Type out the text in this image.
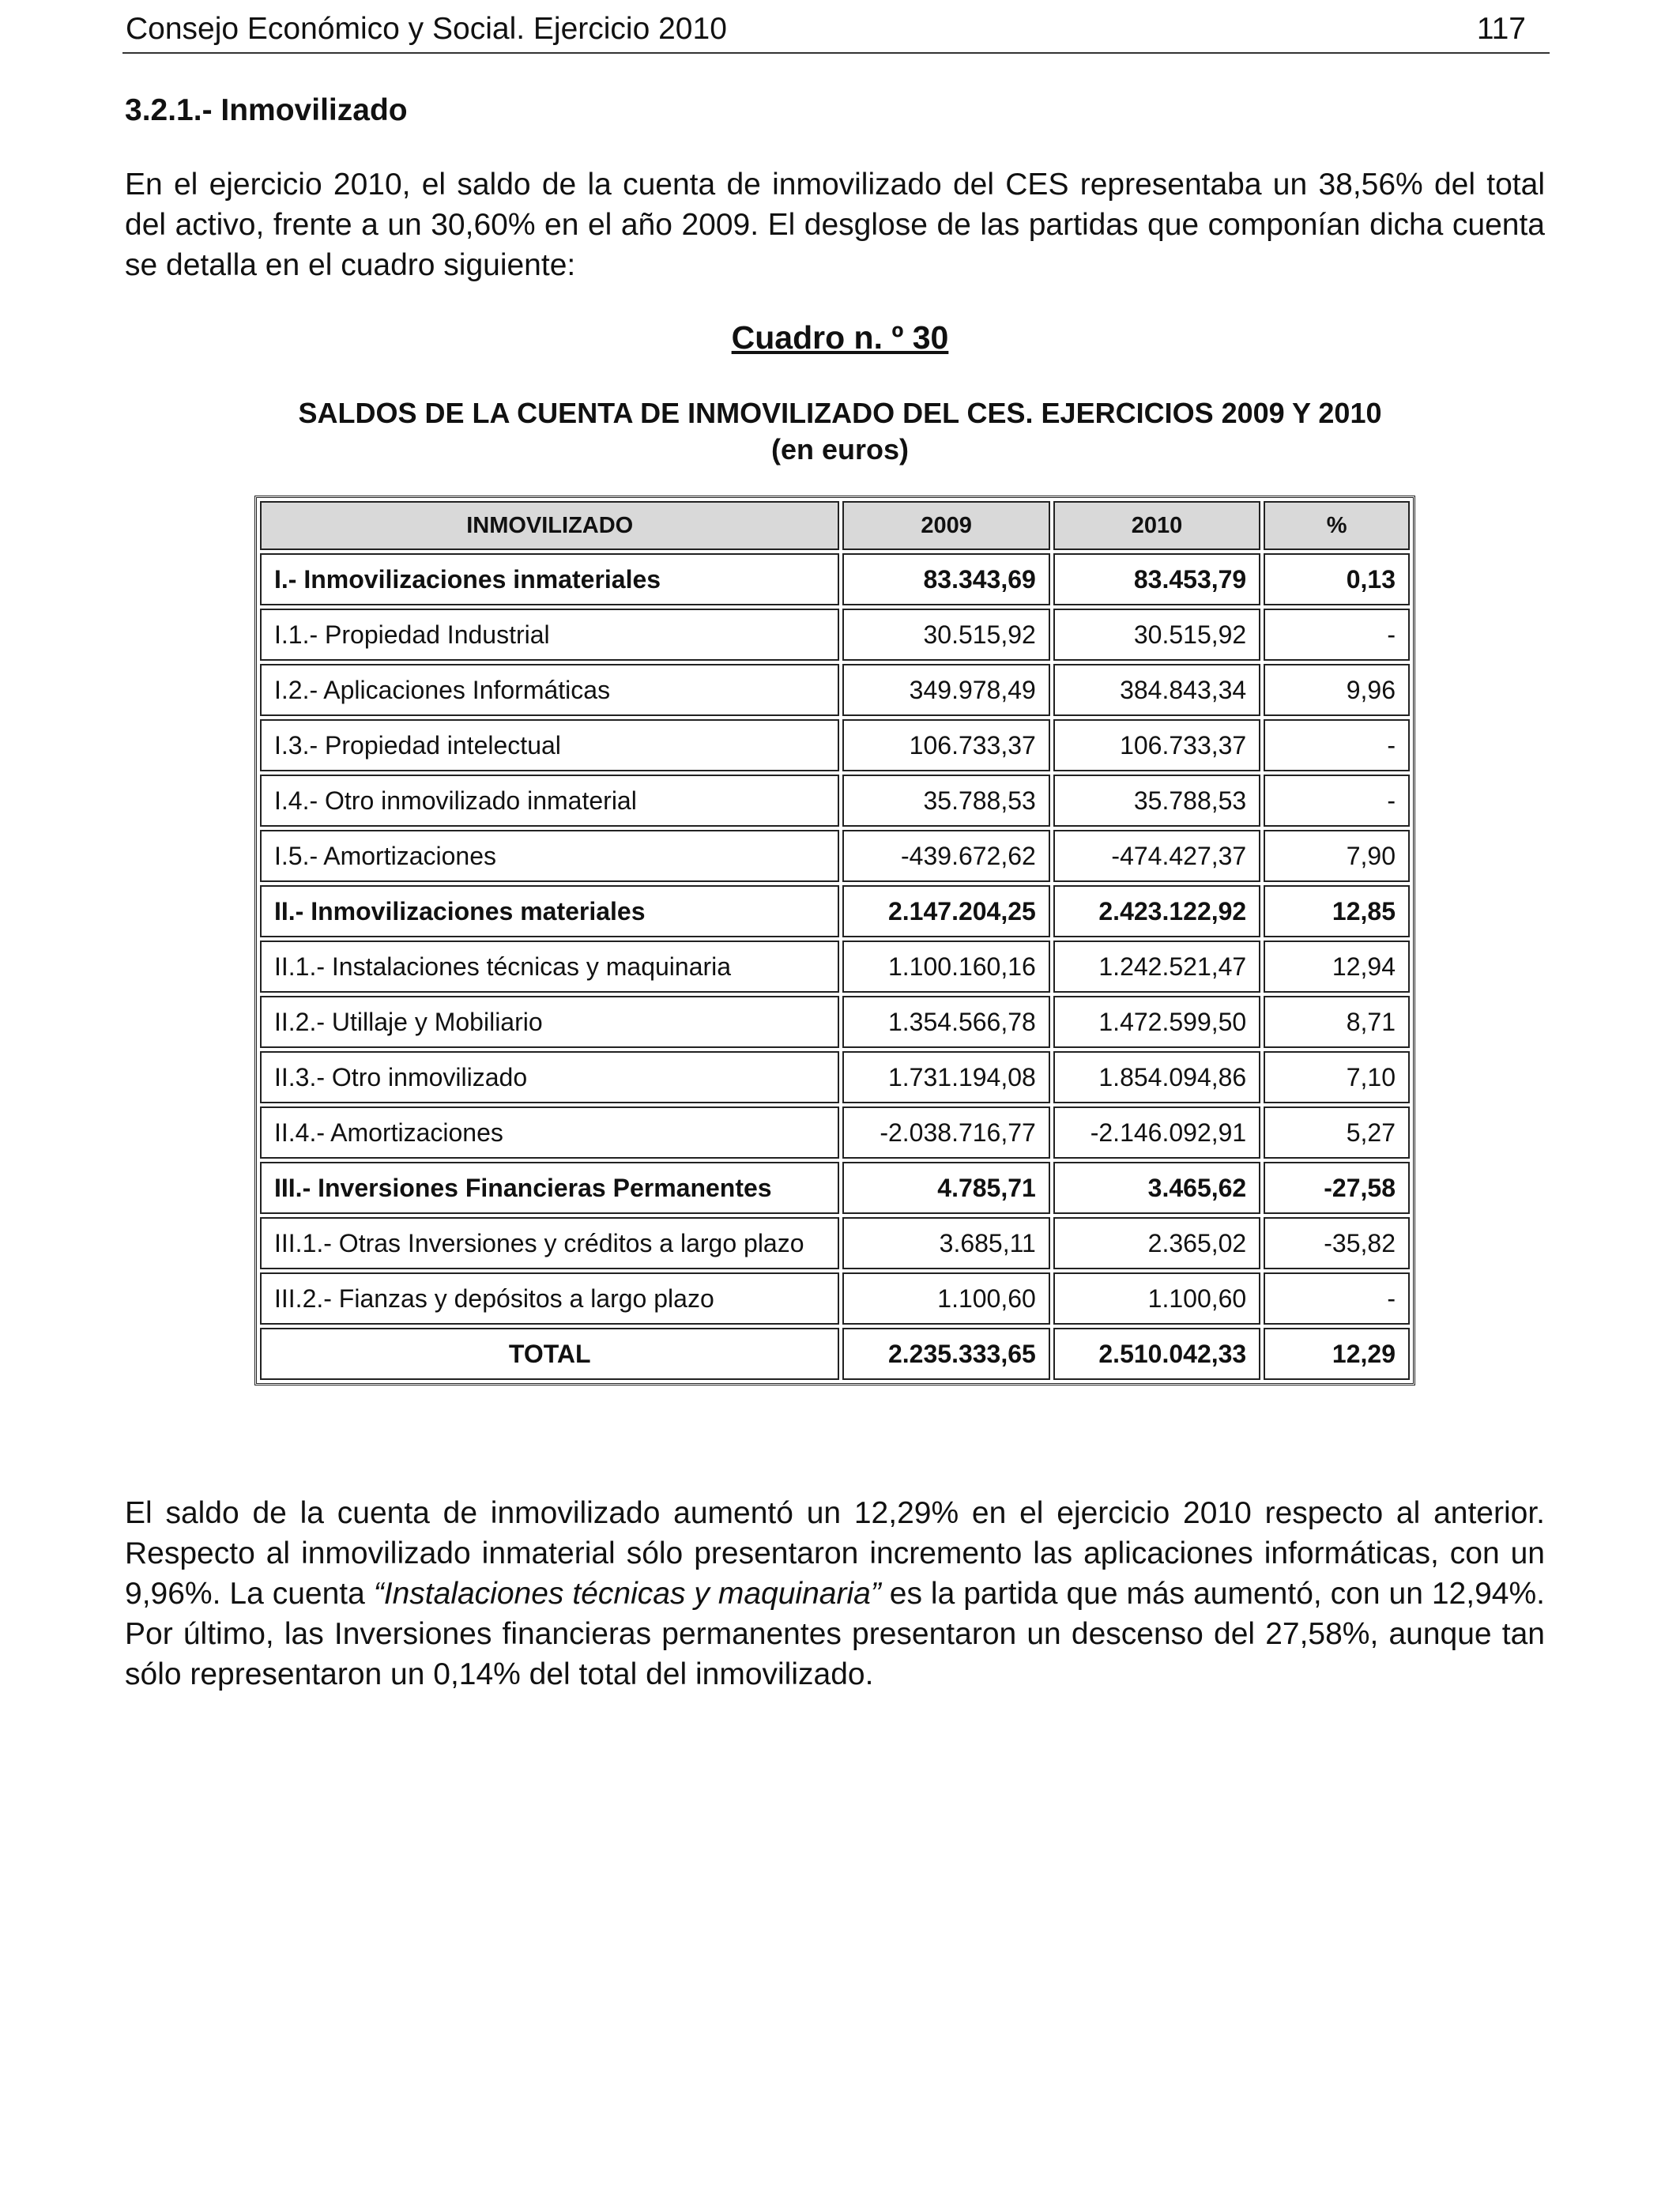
Consejo Económico y Social. Ejercicio 2010	117
3.2.1.- Inmovilizado
En el ejercicio 2010, el saldo de la cuenta de inmovilizado del CES representaba un 38,56% del total del activo, frente a un 30,60% en el año 2009. El desglose de las partidas que componían dicha cuenta se detalla en el cuadro siguiente:
Cuadro n. º 30
SALDOS DE LA CUENTA DE INMOVILIZADO DEL CES. EJERCICIOS 2009 Y 2010
(en euros)
INMOVILIZADO	2009	2010	%
I.- Inmovilizaciones inmateriales	83.343,69	83.453,79	0,13
I.1.- Propiedad Industrial	30.515,92	30.515,92	-
I.2.- Aplicaciones Informáticas	349.978,49	384.843,34	9,96
I.3.- Propiedad intelectual	106.733,37	106.733,37	-
I.4.- Otro inmovilizado inmaterial	35.788,53	35.788,53	-
I.5.- Amortizaciones	-439.672,62	-474.427,37	7,90
II.- Inmovilizaciones materiales	2.147.204,25	2.423.122,92	12,85
II.1.- Instalaciones técnicas y maquinaria	1.100.160,16	1.242.521,47	12,94
II.2.- Utillaje y Mobiliario	1.354.566,78	1.472.599,50	8,71
II.3.- Otro inmovilizado	1.731.194,08	1.854.094,86	7,10
II.4.- Amortizaciones	-2.038.716,77	-2.146.092,91	5,27
III.- Inversiones Financieras Permanentes	4.785,71	3.465,62	-27,58
III.1.- Otras Inversiones y créditos a largo plazo	3.685,11	2.365,02	-35,82
III.2.- Fianzas y depósitos a largo plazo	1.100,60	1.100,60	-
TOTAL	2.235.333,65	2.510.042,33	12,29
El saldo de la cuenta de inmovilizado aumentó un 12,29% en el ejercicio 2010 respecto al anterior. Respecto al inmovilizado inmaterial sólo presentaron incremento las aplicaciones informáticas, con un 9,96%. La cuenta “Instalaciones técnicas y maquinaria” es la partida que más aumentó, con un 12,94%. Por último, las Inversiones financieras permanentes presentaron un descenso del 27,58%, aunque tan sólo representaron un 0,14% del total del inmovilizado.
